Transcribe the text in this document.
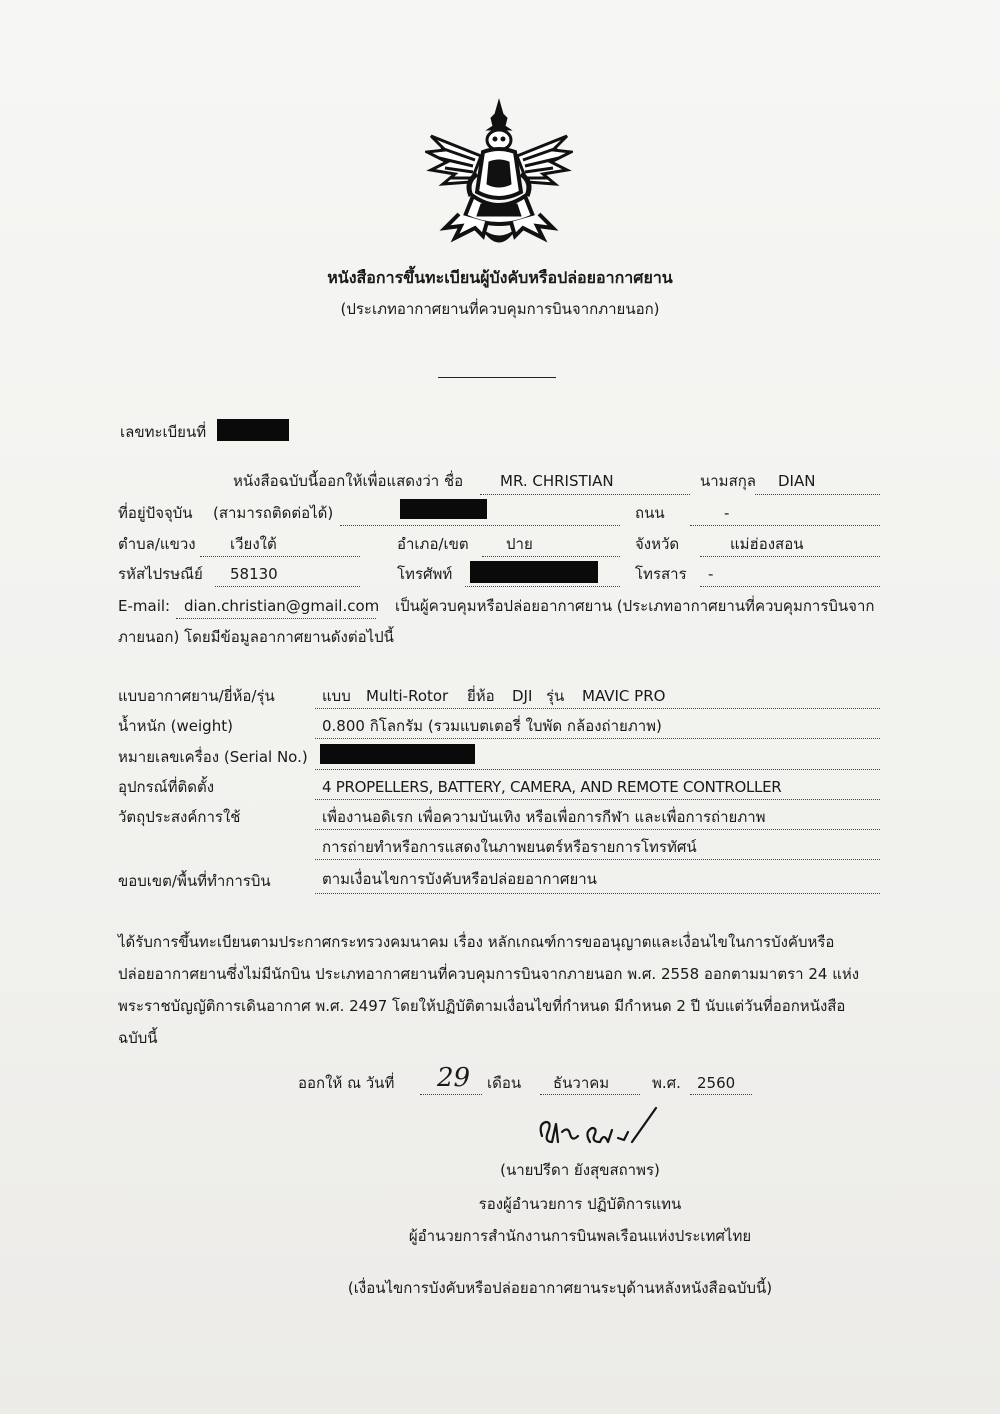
หนังสือการขึ้นทะเบียนผู้บังคับหรือปล่อยอากาศยาน
(ประเภทอากาศยานที่ควบคุมการบินจากภายนอก)
เลขทะเบียนที่
หนังสือฉบับนี้ออกให้เพื่อแสดงว่า ชื่อ MR. CHRISTIAN	นามสกุล DIAN
ที่อยู่ปัจจุบัน (สามารถติดต่อได้)	ถนน	-
ตำบล/แขวง เวียงใต้	อำเภอ/เขต ปาย	จังหวัด	แม่ฮ่องสอน
รหัสไปรษณีย์ 58130	โทรศัพท์	โทรสาร -
E-mail: dian.christian@gmail.com เป็นผู้ควบคุมหรือปล่อยอากาศยาน (ประเภทอากาศยานที่ควบคุมการบินจาก
ภายนอก) โดยมีข้อมูลอากาศยานดังต่อไปนี้
แบบอากาศยาน/ยี่ห้อ/รุ่น	แบบ Multi-Rotor ยี่ห้อ DJI รุ่น MAVIC PRO
น้ำหนัก (weight)	0.800 กิโลกรัม (รวมแบตเตอรี่ ใบพัด กล้องถ่ายภาพ)
หมายเลขเครื่อง (Serial No.)
อุปกรณ์ที่ติดตั้ง	4 PROPELLERS, BATTERY, CAMERA, AND REMOTE CONTROLLER
วัตถุประสงค์การใช้	เพื่องานอดิเรก เพื่อความบันเทิง หรือเพื่อการกีฬา และเพื่อการถ่ายภาพ
การถ่ายทำหรือการแสดงในภาพยนตร์หรือรายการโทรทัศน์
ขอบเขต/พื้นที่ทำการบิน	ตามเงื่อนไขการบังคับหรือปล่อยอากาศยาน
ได้รับการขึ้นทะเบียนตามประกาศกระทรวงคมนาคม เรื่อง หลักเกณฑ์การขออนุญาตและเงื่อนไขในการบังคับหรือ
ปล่อยอากาศยานซึ่งไม่มีนักบิน ประเภทอากาศยานที่ควบคุมการบินจากภายนอก พ.ศ. 2558 ออกตามมาตรา 24 แห่ง
พระราชบัญญัติการเดินอากาศ พ.ศ. 2497 โดยให้ปฏิบัติตามเงื่อนไขที่กำหนด มีกำหนด 2 ปี นับแต่วันที่ออกหนังสือ
ฉบับนี้
ออกให้ ณ วันที่ 29 เดือน ธันวาคม	พ.ศ. 2560
(นายปรีดา ยังสุขสถาพร)
รองผู้อำนวยการ ปฏิบัติการแทน
ผู้อำนวยการสำนักงานการบินพลเรือนแห่งประเทศไทย
(เงื่อนไขการบังคับหรือปล่อยอากาศยานระบุด้านหลังหนังสือฉบับนี้)
